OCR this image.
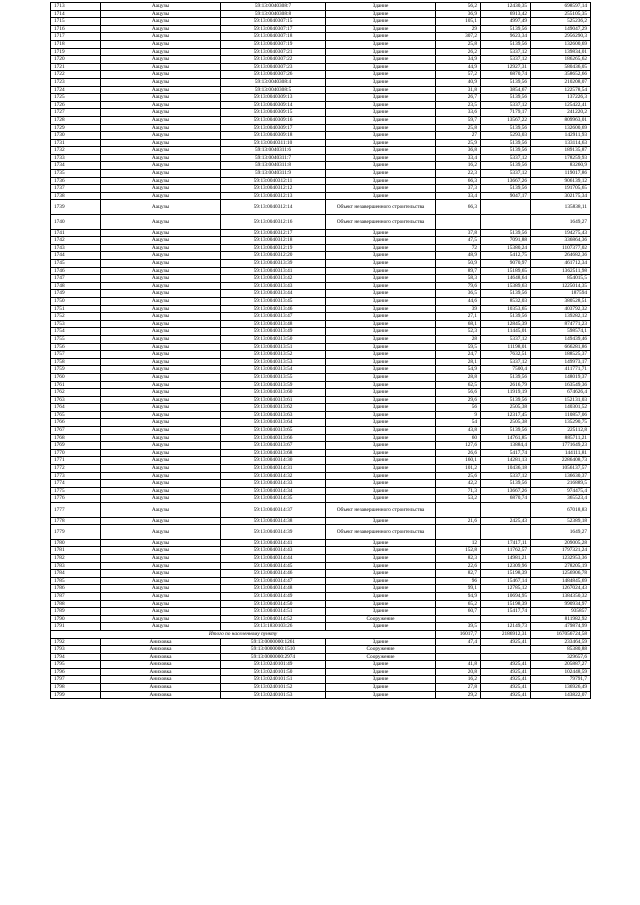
1713	Аацузы	59:13:0040308:7	Здание	56,2	12430,35	698597,14
1714	Аацузы	59:13:0040308:8	Здание	36,9	6913,42	255105,35
1715	Аацузы	59:13:0040307:15	Здание	105,1	4997,49	525236,2
1716	Аацузы	59:13:0040307:17	Здание	29	5139,56	149047,29
1717	Аацузы	59:13:0040307:18	Здание	307,2	9623,34	2956290,3
1718	Аацузы	59:13:0040307:19	Здание	25,8	5139,56	132600,69
1719	Аацузы	59:13:0040307:21	Здание	26,2	5337,12	139834,01
1720	Аацузы	59:13:0040307:22	Здание	34,9	5337,12	186265,62
1721	Аацузы	59:13:0040307:23	Здание	44,9	12927,31	580436,05
1722	Аацузы	59:13:0040307:26	Здание	57,2	6870,74	358652,66
1723	Аацузы	59:13:0040308:4	Здание	40,9	5139,56	210208,07
1724	Аацузы	59:13:0040308:5	Здание	31,8	3854,67	122578,54
1725	Аацузы	59:13:0040309:13	Здание	26,7	5139,56	137226,3
1726	Аацузы	59:13:0040309:14	Здание	23,5	5337,12	125422,41
1727	Аацузы	59:13:0040309:15	Здание	33,6	7179,17	241220,2
1728	Аацузы	59:13:0040309:16	Здание	59,7	13567,22	809963,01
1729	Аацузы	59:13:0040309:17	Здание	25,8	5139,56	132600,69
1730	Аацузы	59:13:0040309:18	Здание	27	5293,03	142911,93
1731	Аацузы	59:13:0040311:10	Здание	25,9	5139,56	133114,63
1732	Аацузы	59:13:0040311:6	Здание	36,8	5139,56	189135,87
1733	Аацузы	59:13:0040311:7	Здание	33,4	5337,12	178259,93
1734	Аацузы	59:13:0040311:8	Здание	16,2	5139,56	83260,9
1735	Аацузы	59:13:0040311:9	Здание	22,3	5337,12	119017,86
1736	Аацузы	59:13:0040312:11	Здание	66,3	13667,26	906139,12
1737	Аацузы	59:13:0040312:12	Здание	37,3	5139,56	191705,65
1738	Аацузы	59:13:0040312:13	Здание	33,4	9047,17	302175,34
1739	Аацузы	59:13:0040312:14	Объект незавершенного строительства	66,3		135838,11
1740	Аацузы	59:13:0040312:16	Объект незавершенного строительства			1649,27
1741	Аацузы	59:13:0040312:17	Здание	37,8	5139,56	194275,43
1742	Аацузы	59:13:0040312:18	Здание	47,5	7091,88	336864,36
1743	Аацузы	59:13:0040312:19	Здание	72	15380,24	1107377,02
1744	Аацузы	59:13:0040312:20	Здание	48,9	5412,75	264682,36
1745	Аацузы	59:13:0040313:39	Здание	50,9	9070,97	461712,34
1746	Аацузы	59:13:0040313:41	Здание	89,7	15189,65	1362511,98
1747	Аацузы	59:13:0040313:42	Здание	58,3	14648,64	854015,5
1748	Аацузы	59:13:0040313:43	Здание	79,6	15389,63	1225014,35
1749	Аацузы	59:13:0040313:44	Здание	36,5	5139,56	187594
1750	Аацузы	59:13:0040313:45	Здание	44,6	8532,03	380528,51
1751	Аацузы	59:13:0040313:46	Здание	39	10353,65	403792,32
1752	Аацузы	59:13:0040313:47	Здание	27,1	5139,56	139282,12
1753	Аацузы	59:13:0040313:48	Здание	68,1	12845,39	874771,23
1754	Аацузы	59:13:0040313:49	Здание	52,3	11445,01	598574,1
1755	Аацузы	59:13:0040313:50	Здание	28	5337,12	149439,46
1756	Аацузы	59:13:0040313:51	Здание	59,5	11198,01	666281,86
1757	Аацузы	59:13:0040313:52	Здание	24,7	7632,51	188525,37
1758	Аацузы	59:13:0040313:53	Здание	28,1	5337,12	149973,17
1759	Аацузы	59:13:0040313:54	Здание	54,9	7500,4	411771,71
1760	Аацузы	59:13:0040313:55	Здание	28,8	5139,56	148019,37
1761	Аацузы	59:13:0040313:59	Здание	62,5	2616,79	163549,36
1762	Аацузы	59:13:0040313:60	Здание	56,6	11919,19	674626,4
1763	Аацузы	59:13:0040313:61	Здание	29,6	5139,56	152131,03
1764	Аацузы	59:13:0040313:62	Здание	56	2505,38	140301,52
1765	Аацузы	59:13:0040313:63	Здание	9	12317,45	110857,06
1766	Аацузы	59:13:0040313:64	Здание	54	2505,38	135290,75
1767	Аацузы	59:13:0040313:65	Здание	43,8	5139,56	225112,8
1768	Аацузы	59:13:0040313:66	Здание	60	14761,85	885711,21
1769	Аацузы	59:13:0040313:67	Здание	127,6	13884,4	1771649,23
1770	Аацузы	59:13:0040313:68	Здание	26,6	5417,74	144111,81
1771	Аацузы	59:13:0040314:30	Здание	160,1	14281,13	2286408,73
1772	Аацузы	59:13:0040314:31	Здание	101,2	10436,18	1056137,57
1773	Аацузы	59:13:0040314:32	Здание	25,6	5337,12	136630,37
1774	Аацузы	59:13:0040314:33	Здание	42,2	5139,56	216889,5
1775	Аацузы	59:13:0040314:34	Здание	71,3	13667,26	974475,4
1776	Аацузы	59:13:0040314:35	Здание	53,2	6870,74	365523,4
1777	Аацузы	59:13:0040314:37	Объект незавершенного строительства			67018,83
1778	Аацузы	59:13:0040314:38	Здание	21,6	2425,43	52389,18
1779	Аацузы	59:13:0040314:39	Объект незавершенного строительства			1649,27
1780	Аацузы	59:13:0040314:41	Здание	12	17417,11	209005,28
1781	Аацузы	59:13:0040314:43	Здание	152,8	11762,57	1797321,24
1782	Аацузы	59:13:0040314:44	Здание	82,3	14981,21	1232953,36
1783	Аацузы	59:13:0040314:45	Здание	22,6	12309,96	278205,19
1784	Аацузы	59:13:0040314:46	Здание	82,7	15198,39	1256906,78
1785	Аацузы	59:13:0040314:47	Здание	96	15467,14	1484845,69
1786	Аацузы	59:13:0040314:48	Здание	99,1	12785,12	1267024,43
1787	Аацузы	59:13:0040314:49	Здание	94,9	10694,95	1384350,32
1788	Аацузы	59:13:0040314:50	Здание	65,2	15198,39	990934,97
1789	Аацузы	59:13:0040314:51	Здание	60,7	15417,74	935857
1790	Аацузы	59:13:0040314:52	Сооружение			811982,92
1791	Аацузы	59:13:1830103:26	Здание	39,5	12149,73	479874,99
Итого по населенному пункту				16017,7	2186912,31	167056724,58
1792	Аниховка	59:13:0000000:1261	Здание	47,4	4925,41	233464,59
1793	Аниховка	59:13:0000000:1510	Сооружение			85380,88
1794	Аниховка	59:13:0000000:2974	Сооружение			329657,6
1795	Аниховка	59:13:0240101:49	Здание	41,8	4925,41	205887,27
1796	Аниховка	59:13:0240101:50	Здание	20,8	4925,41	102448,59
1797	Аниховка	59:13:0240101:51	Здание	16,2	4925,41	79791,7
1798	Аниховка	59:13:0240101:52	Здание	27,8	4925,41	136926,49
1799	Аниховка	59:13:0240101:53	Здание	29,2	4925,41	143822,07
